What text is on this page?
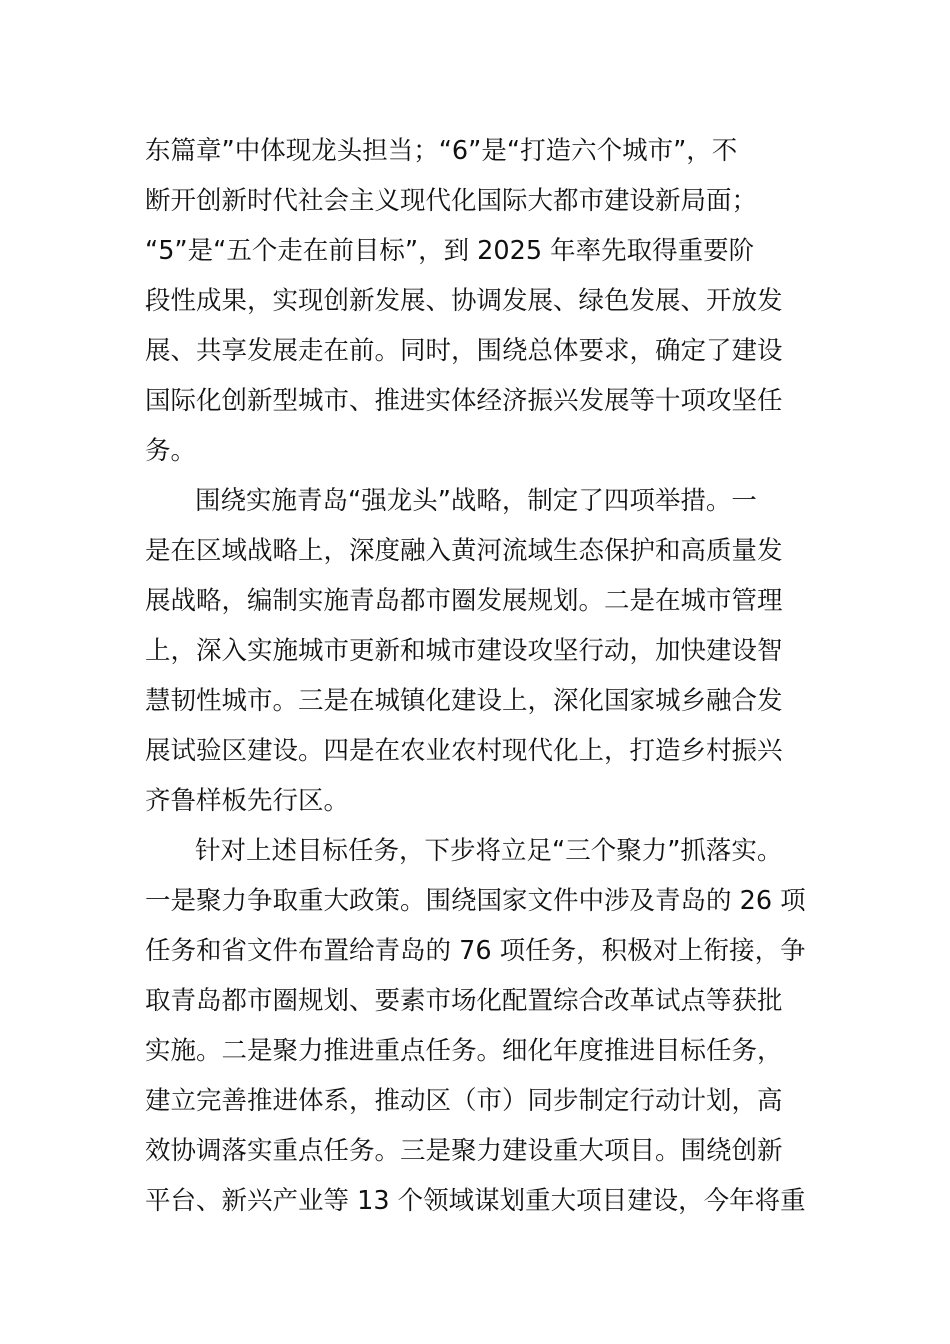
东篇章”中体现龙头担当；“6”是“打造六个城市”，不
断开创新时代社会主义现代化国际大都市建设新局面；
“5”是“五个走在前目标”，到 2025 年率先取得重要阶
段性成果，实现创新发展、协调发展、绿色发展、开放发
展、共享发展走在前。同时，围绕总体要求，确定了建设
国际化创新型城市、推进实体经济振兴发展等十项攻坚任
务。
围绕实施青岛“强龙头”战略，制定了四项举措。一
是在区域战略上，深度融入黄河流域生态保护和高质量发
展战略，编制实施青岛都市圈发展规划。二是在城市管理
上，深入实施城市更新和城市建设攻坚行动，加快建设智
慧韧性城市。三是在城镇化建设上，深化国家城乡融合发
展试验区建设。四是在农业农村现代化上，打造乡村振兴
齐鲁样板先行区。
针对上述目标任务，下步将立足“三个聚力”抓落实。
一是聚力争取重大政策。围绕国家文件中涉及青岛的 26 项
任务和省文件布置给青岛的 76 项任务，积极对上衔接，争
取青岛都市圈规划、要素市场化配置综合改革试点等获批
实施。二是聚力推进重点任务。细化年度推进目标任务，
建立完善推进体系，推动区（市）同步制定行动计划，高
效协调落实重点任务。三是聚力建设重大项目。围绕创新
平台、新兴产业等 13 个领域谋划重大项目建设，今年将重
